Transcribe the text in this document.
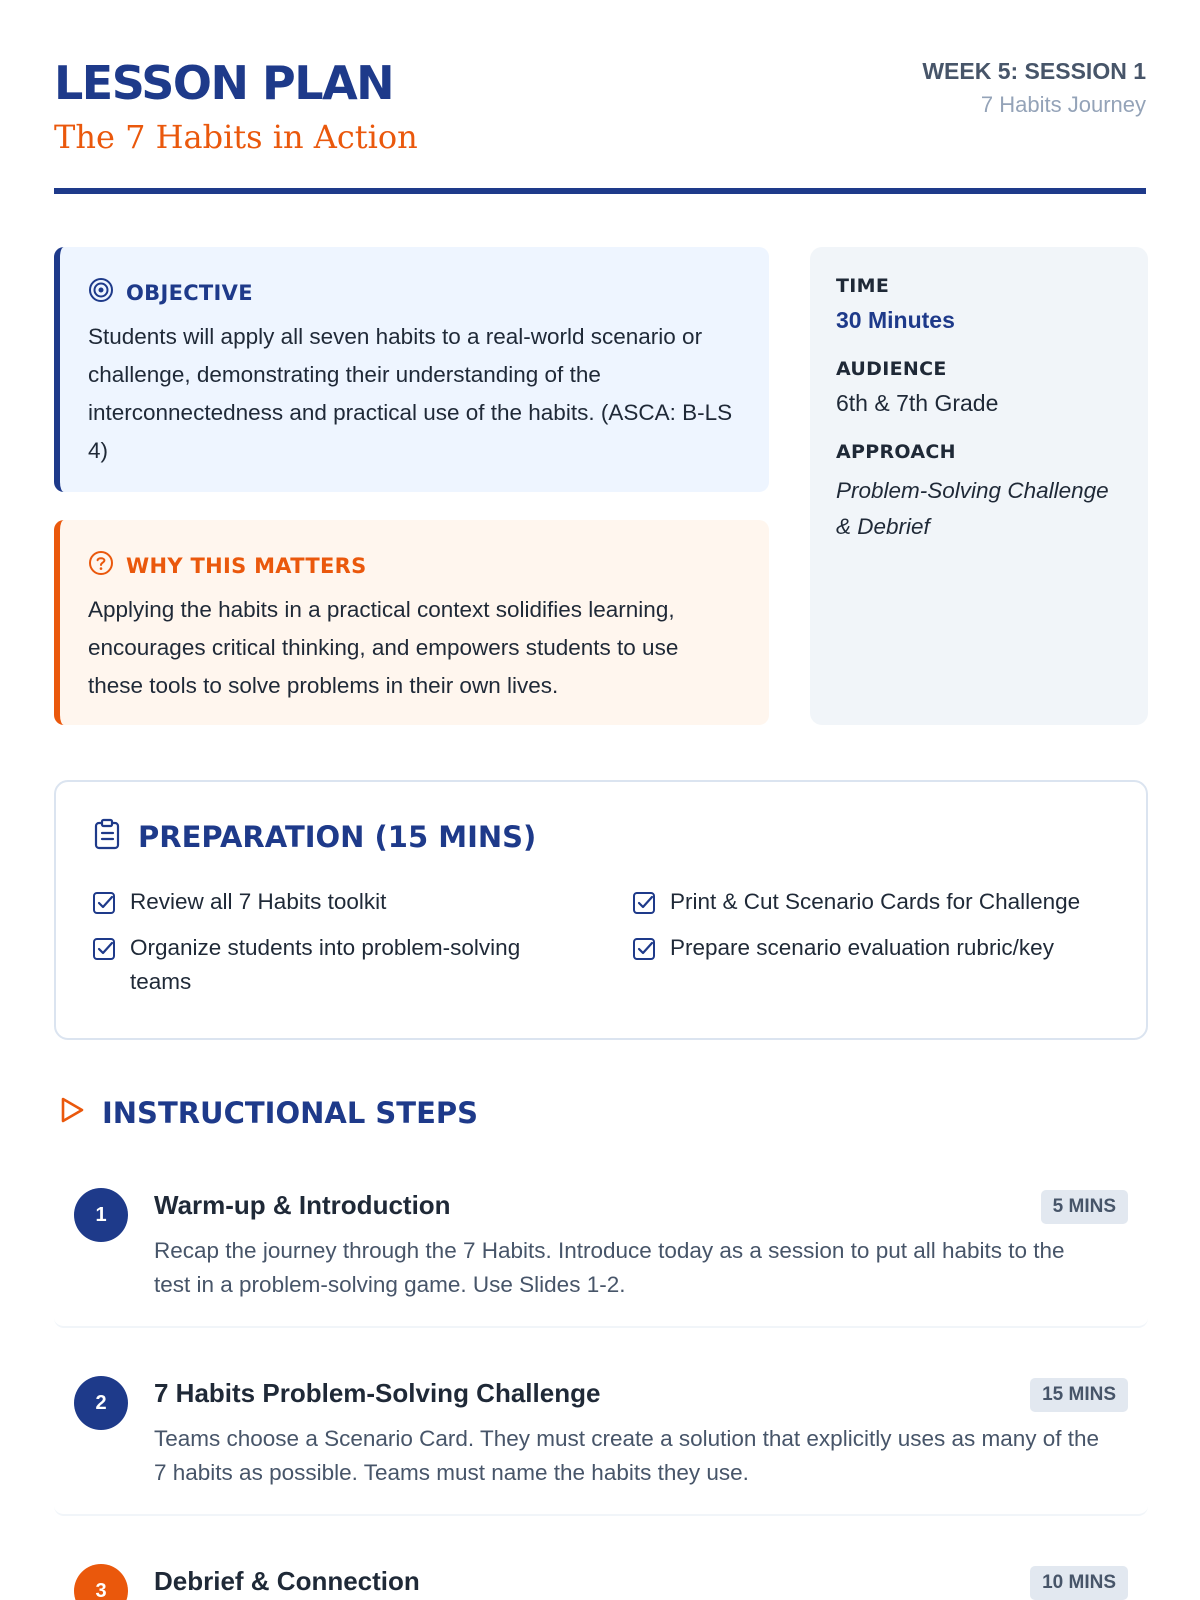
LESSON PLAN
The 7 Habits in Action
WEEK 5: SESSION 1
7 Habits Journey
OBJECTIVE
Students will apply all seven habits to a real-world scenario or challenge, demonstrating their understanding of the interconnectedness and practical use of the habits. (ASCA: B-LS 4)
WHY THIS MATTERS
Applying the habits in a practical context solidifies learning, encourages critical thinking, and empowers students to use these tools to solve problems in their own lives.
TIME
30 Minutes
AUDIENCE
6th & 7th Grade
APPROACH
Problem-Solving Challenge & Debrief
PREPARATION (15 MINS)
Review all 7 Habits toolkit	Print & Cut Scenario Cards for Challenge
Organize students into problem-solving teams
Prepare scenario evaluation rubric/key
INSTRUCTIONAL STEPS
1	Warm-up & Introduction	5 MINS
Recap the journey through the 7 Habits. Introduce today as a session to put all habits to the test in a problem-solving game. Use Slides 1-2.
2	7 Habits Problem-Solving Challenge	15 MINS
Teams choose a Scenario Card. They must create a solution that explicitly uses as many of the 7 habits as possible. Teams must name the habits they use.
3	Debrief & Connection	10 MINS
